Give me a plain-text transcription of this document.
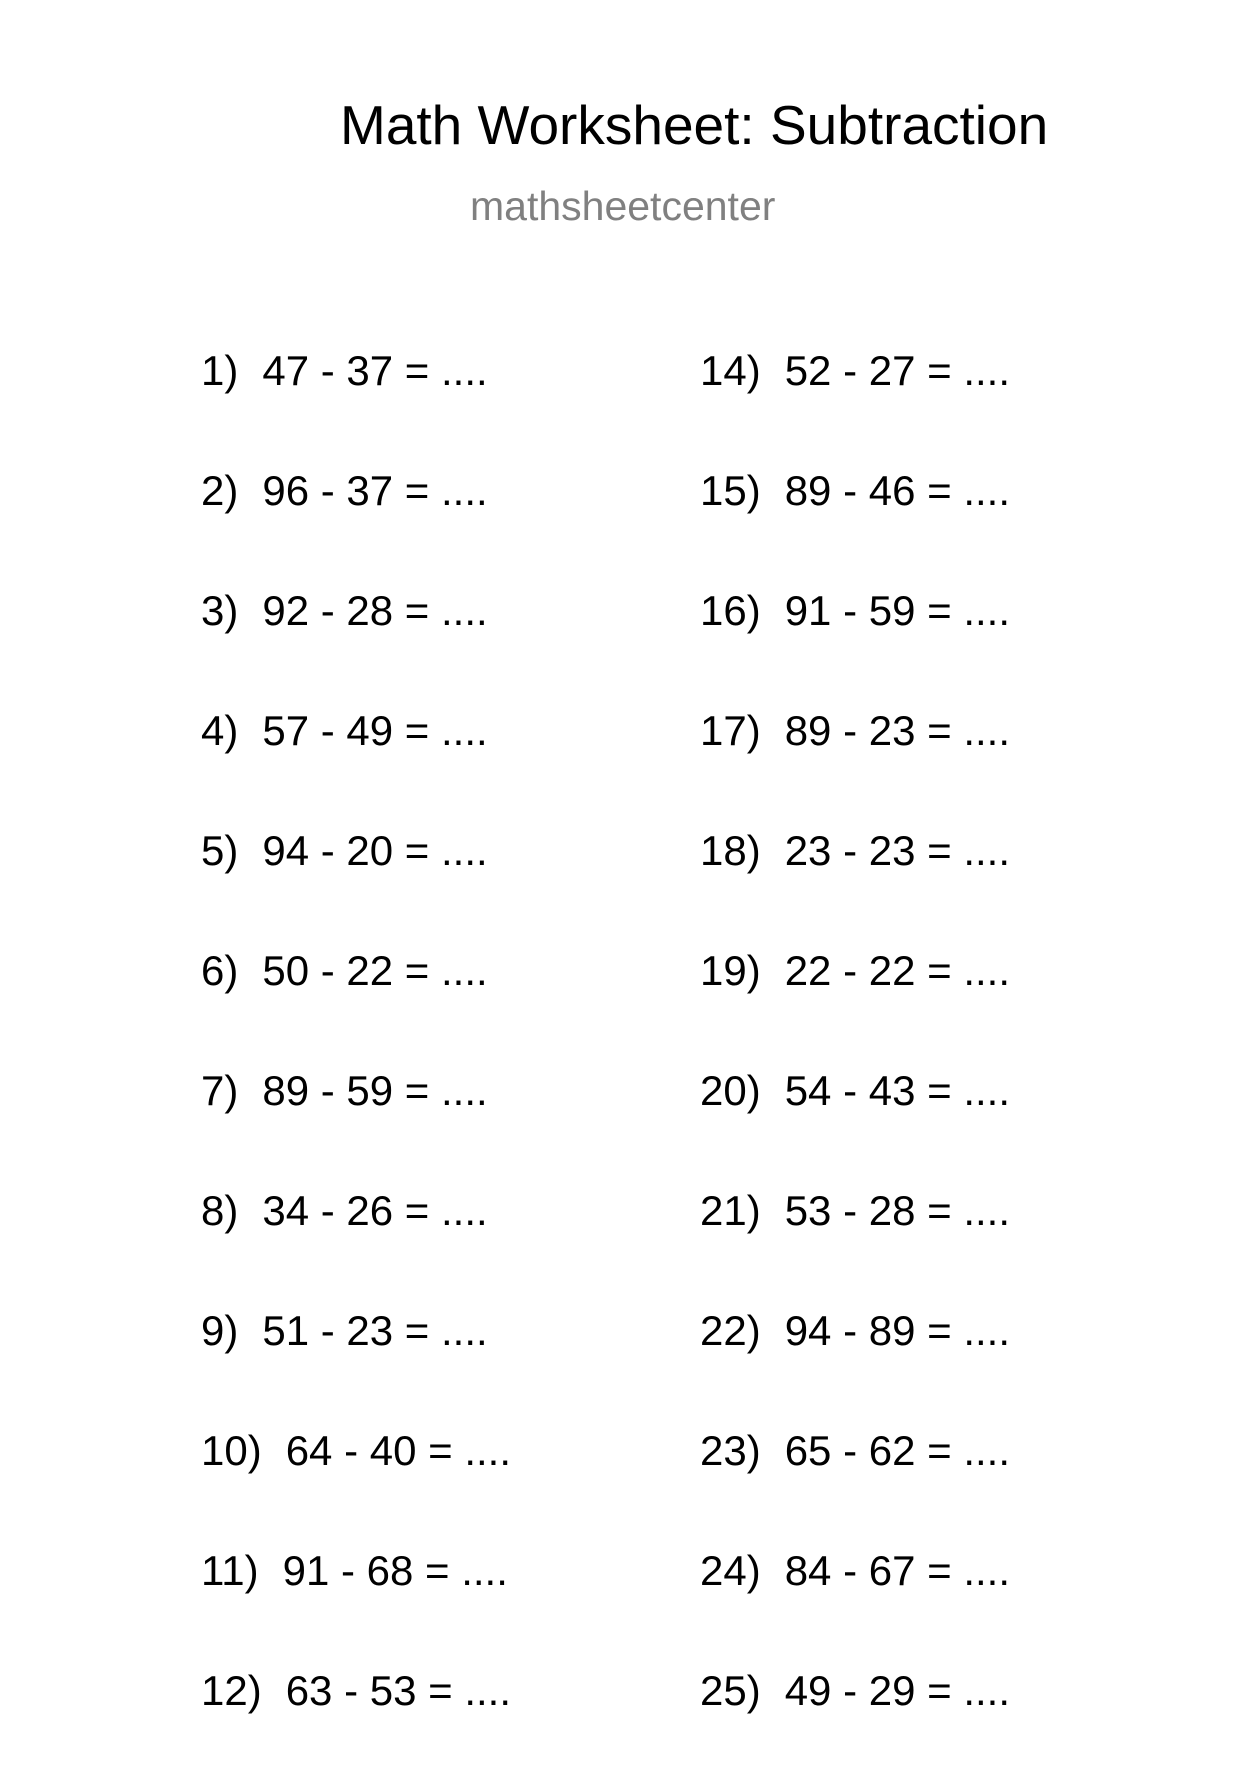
Math Worksheet: Subtraction
mathsheetcenter
1) 47 - 37 = ....
2) 96 - 37 = ....
3) 92 - 28 = ....
4) 57 - 49 = ....
5) 94 - 20 = ....
6) 50 - 22 = ....
7) 89 - 59 = ....
8) 34 - 26 = ....
9) 51 - 23 = ....
10) 64 - 40 = ....
11) 91 - 68 = ....
12) 63 - 53 = ....
14) 52 - 27 = ....
15) 89 - 46 = ....
16) 91 - 59 = ....
17) 89 - 23 = ....
18) 23 - 23 = ....
19) 22 - 22 = ....
20) 54 - 43 = ....
21) 53 - 28 = ....
22) 94 - 89 = ....
23) 65 - 62 = ....
24) 84 - 67 = ....
25) 49 - 29 = ....
